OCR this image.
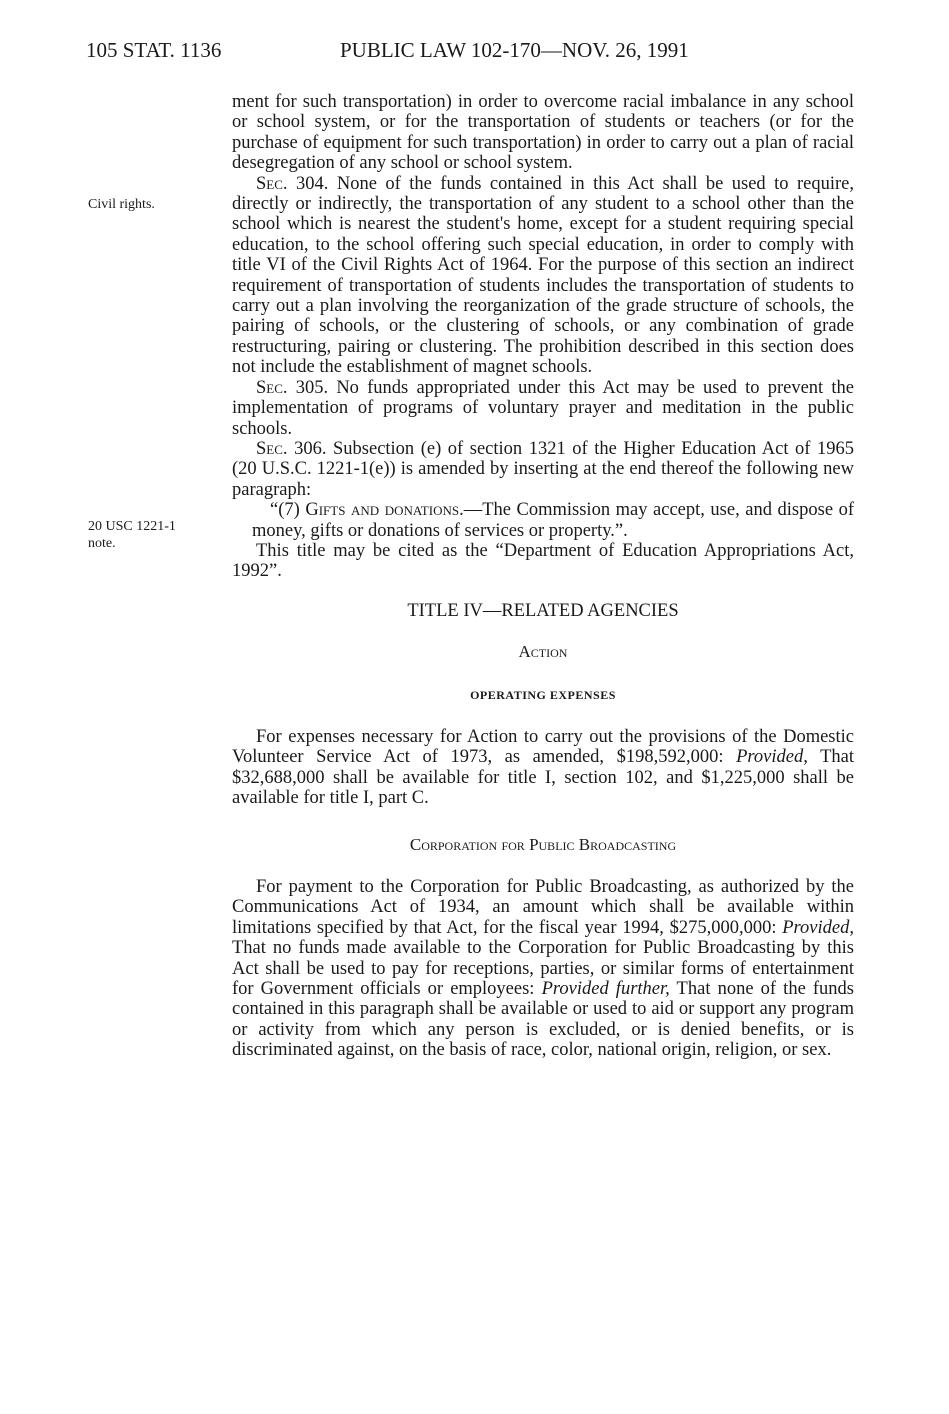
105 STAT. 1136	PUBLIC LAW 102-170—NOV. 26, 1991
Civil rights.
20 USC 1221-1
note.

ment for such transportation) in order to overcome racial imbalance in any school or school system, or for the transportation of students or teachers (or for the purchase of equipment for such transportation) in order to carry out a plan of racial desegregation of any school or school system.

Sec. 304. None of the funds contained in this Act shall be used to require, directly or indirectly, the transportation of any student to a school other than the school which is nearest the student's home, except for a student requiring special education, to the school offering such special education, in order to comply with title VI of the Civil Rights Act of 1964. For the purpose of this section an indirect requirement of transportation of students includes the transportation of students to carry out a plan involving the reorganization of the grade structure of schools, the pairing of schools, or the clustering of schools, or any combination of grade restructuring, pairing or clustering. The prohibition described in this section does not include the establishment of magnet schools.

Sec. 305. No funds appropriated under this Act may be used to prevent the implementation of programs of voluntary prayer and meditation in the public schools.

Sec. 306. Subsection (e) of section 1321 of the Higher Education Act of 1965 (20 U.S.C. 1221-1(e)) is amended by inserting at the end thereof the following new paragraph:

“(7) Gifts and donations.—The Commission may accept, use, and dispose of money, gifts or donations of services or property.”.

This title may be cited as the “Department of Education Appropriations Act, 1992”.

TITLE IV—RELATED AGENCIES

Action

OPERATING EXPENSES

For expenses necessary for Action to carry out the provisions of the Domestic Volunteer Service Act of 1973, as amended, $198,592,000: Provided, That $32,688,000 shall be available for title I, section 102, and $1,225,000 shall be available for title I, part C.

Corporation for Public Broadcasting

For payment to the Corporation for Public Broadcasting, as authorized by the Communications Act of 1934, an amount which shall be available within limitations specified by that Act, for the fiscal year 1994, $275,000,000: Provided, That no funds made available to the Corporation for Public Broadcasting by this Act shall be used to pay for receptions, parties, or similar forms of entertainment for Government officials or employees: Provided further, That none of the funds contained in this paragraph shall be available or used to aid or support any program or activity from which any person is excluded, or is denied benefits, or is discriminated against, on the basis of race, color, national origin, religion, or sex.
